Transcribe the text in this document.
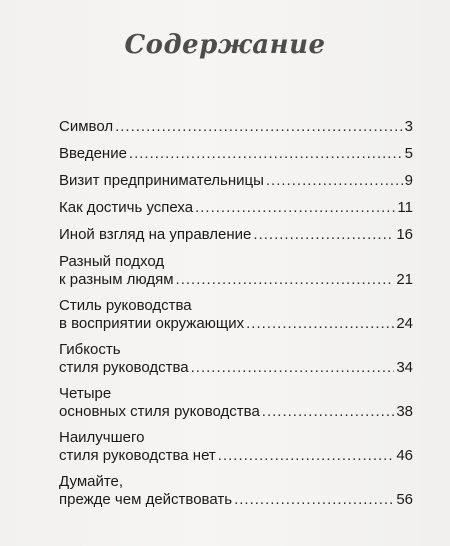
Содержание
Символ .....	3
Введение .....	5
Визит предпринимательницы .....	9
Как достичь успеха .....	11
Иной взгляд на управление .....	16
Разный подход
к разным людям .....	21
Стиль руководства
в восприятии окружающих .....	24
Гибкость
стиля руководства .....	34
Четыре
основных стиля руководства .....	38
Наилучшего
стиля руководства нет .....	46
Думайте,
прежде чем действовать .....	56
